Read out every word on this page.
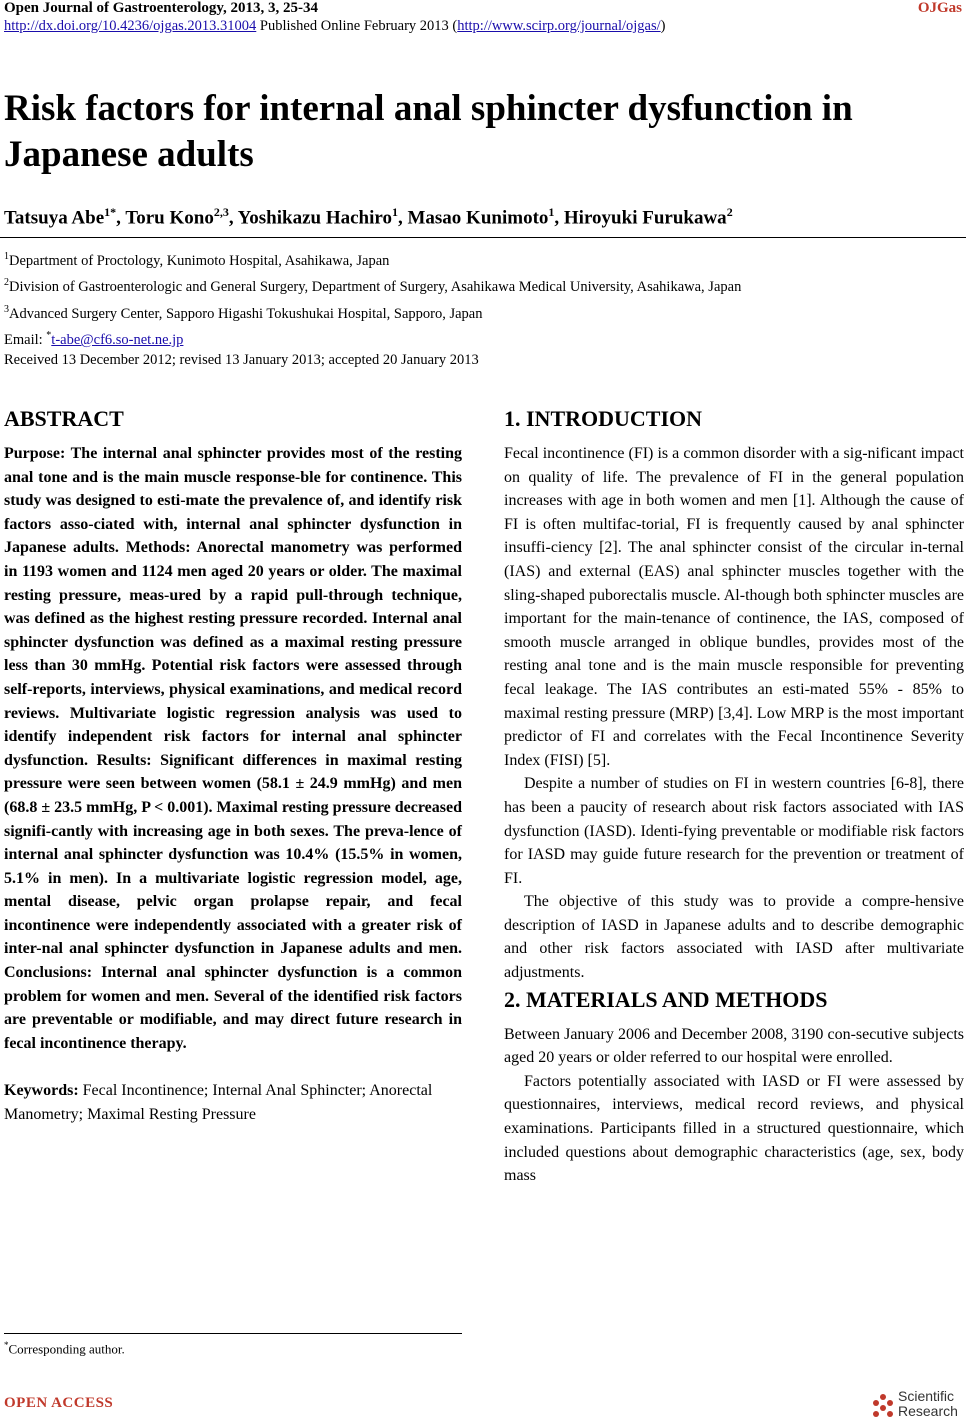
Open Journal of Gastroenterology, 2013, 3, 25-34	OJGas
http://dx.doi.org/10.4236/ojgas.2013.31004 Published Online February 2013 (http://www.scirp.org/journal/ojgas/)
Risk factors for internal anal sphincter dysfunction in
Japanese adults
Tatsuya Abe$^{1*}$, Toru Kono$^{2,3}$, Yoshikazu Hachiro$^1$, Masao Kunimoto$^1$, Hiroyuki Furukawa$^2$
$^1$Department of Proctology, Kunimoto Hospital, Asahikawa, Japan
$^2$Division of Gastroenterologic and General Surgery, Department of Surgery, Asahikawa Medical University, Asahikawa, Japan
$^3$Advanced Surgery Center, Sapporo Higashi Tokushukai Hospital, Sapporo, Japan
Email: *t-abe@cf6.so-net.ne.jp
Received 13 December 2012; revised 13 January 2013; accepted 20 January 2013
ABSTRACT

Purpose: The internal anal sphincter provides most of the resting anal tone and is the main muscle response-ble for continence. This study was designed to esti-mate the prevalence of, and identify risk factors asso-ciated with, internal anal sphincter dysfunction in Japanese adults. Methods: Anorectal manometry was performed in 1193 women and 1124 men aged 20 years or older. The maximal resting pressure, meas-ured by a rapid pull-through technique, was defined as the highest resting pressure recorded. Internal anal sphincter dysfunction was defined as a maximal resting pressure less than 30 mmHg. Potential risk factors were assessed through self-reports, interviews, physical examinations, and medical record reviews. Multivariate logistic regression analysis was used to identify independent risk factors for internal anal sphincter dysfunction. Results: Significant differences in maximal resting pressure were seen between women (58.1 ± 24.9 mmHg) and men (68.8 ± 23.5 mmHg, P < 0.001). Maximal resting pressure decreased signifi-cantly with increasing age in both sexes. The preva-lence of internal anal sphincter dysfunction was 10.4% (15.5% in women, 5.1% in men). In a multivariate logistic regression model, age, mental disease, pelvic organ prolapse repair, and fecal incontinence were independently associated with a greater risk of inter-nal anal sphincter dysfunction in Japanese adults and men. Conclusions: Internal anal sphincter dysfunction is a common problem for women and men. Several of the identified risk factors are preventable or modifiable, and may direct future research in fecal incontinence therapy.

Keywords: Fecal Incontinence; Internal Anal Sphincter; Anorectal Manometry; Maximal Resting Pressure

*Corresponding author.
1. INTRODUCTION

Fecal incontinence (FI) is a common disorder with a sig-nificant impact on quality of life. The prevalence of FI in the general population increases with age in both women and men [1]. Although the cause of FI is often multifac-torial, FI is frequently caused by anal sphincter insuffi-ciency [2]. The anal sphincter consist of the circular in-ternal (IAS) and external (EAS) anal sphincter muscles together with the sling-shaped puborectalis muscle. Al-though both sphincter muscles are important for the main-tenance of continence, the IAS, composed of smooth muscle arranged in oblique bundles, provides most of the resting anal tone and is the main muscle responsible for preventing fecal leakage. The IAS contributes an esti-mated 55% - 85% to maximal resting pressure (MRP) [3,4]. Low MRP is the most important predictor of FI and correlates with the Fecal Incontinence Severity Index (FISI) [5].

Despite a number of studies on FI in western countries [6-8], there has been a paucity of research about risk factors associated with IAS dysfunction (IASD). Identi-fying preventable or modifiable risk factors for IASD may guide future research for the prevention or treatment of FI.

The objective of this study was to provide a compre-hensive description of IASD in Japanese adults and to describe demographic and other risk factors associated with IASD after multivariate adjustments.

2. MATERIALS AND METHODS

Between January 2006 and December 2008, 3190 con-secutive subjects aged 20 years or older referred to our hospital were enrolled.

Factors potentially associated with IASD or FI were assessed by questionnaires, interviews, medical record reviews, and physical examinations. Participants filled in a structured questionnaire, which included questions about demographic characteristics (age, sex, body mass

OPEN ACCESS	Scientific
Research
